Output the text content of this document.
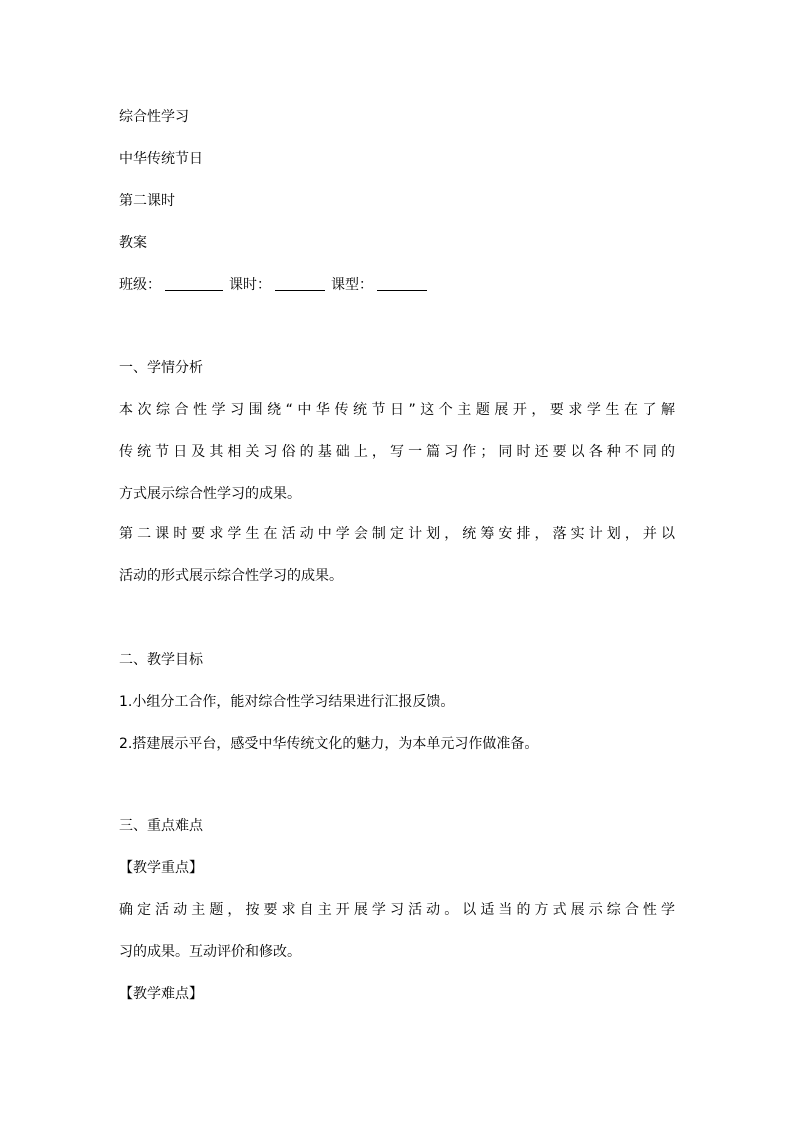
综合性学习
中华传统节日
第二课时
教案
班级：	课时：	课型：
一、学情分析
本次综合性学习围绕“中华传统节日”这个主题展开，要求学生在了解
传统节日及其相关习俗的基础上，写一篇习作；同时还要以各种不同的
方式展示综合性学习的成果。
第二课时要求学生在活动中学会制定计划，统筹安排，落实计划，并以
活动的形式展示综合性学习的成果。
二、教学目标
1.小组分工合作，能对综合性学习结果进行汇报反馈。
2.搭建展示平台，感受中华传统文化的魅力，为本单元习作做准备。
三、重点难点
【教学重点】
确定活动主题，按要求自主开展学习活动。以适当的方式展示综合性学
习的成果。互动评价和修改。
【教学难点】
